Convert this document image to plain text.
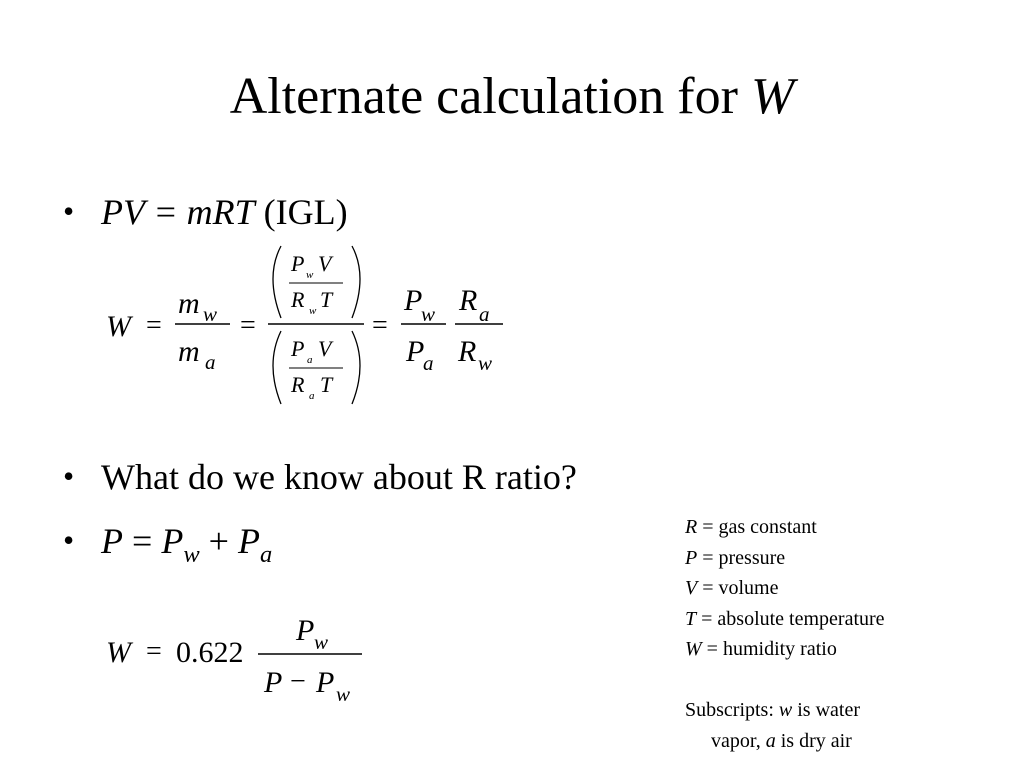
Alternate calculation for W
• PV = mRT (IGL)
W =
m w
m a
=
P w V
R w T
P a V
R a T
=
P
w
P
a
R a
R w
W = 0.622
P w
P − P w
• What do we know about R ratio?
• $P = P_w + P_a$
R = gas constant
P = pressure
V = volume
T = absolute temperature
W = humidity ratio
Subscripts: w is water
vapor, a is dry air
